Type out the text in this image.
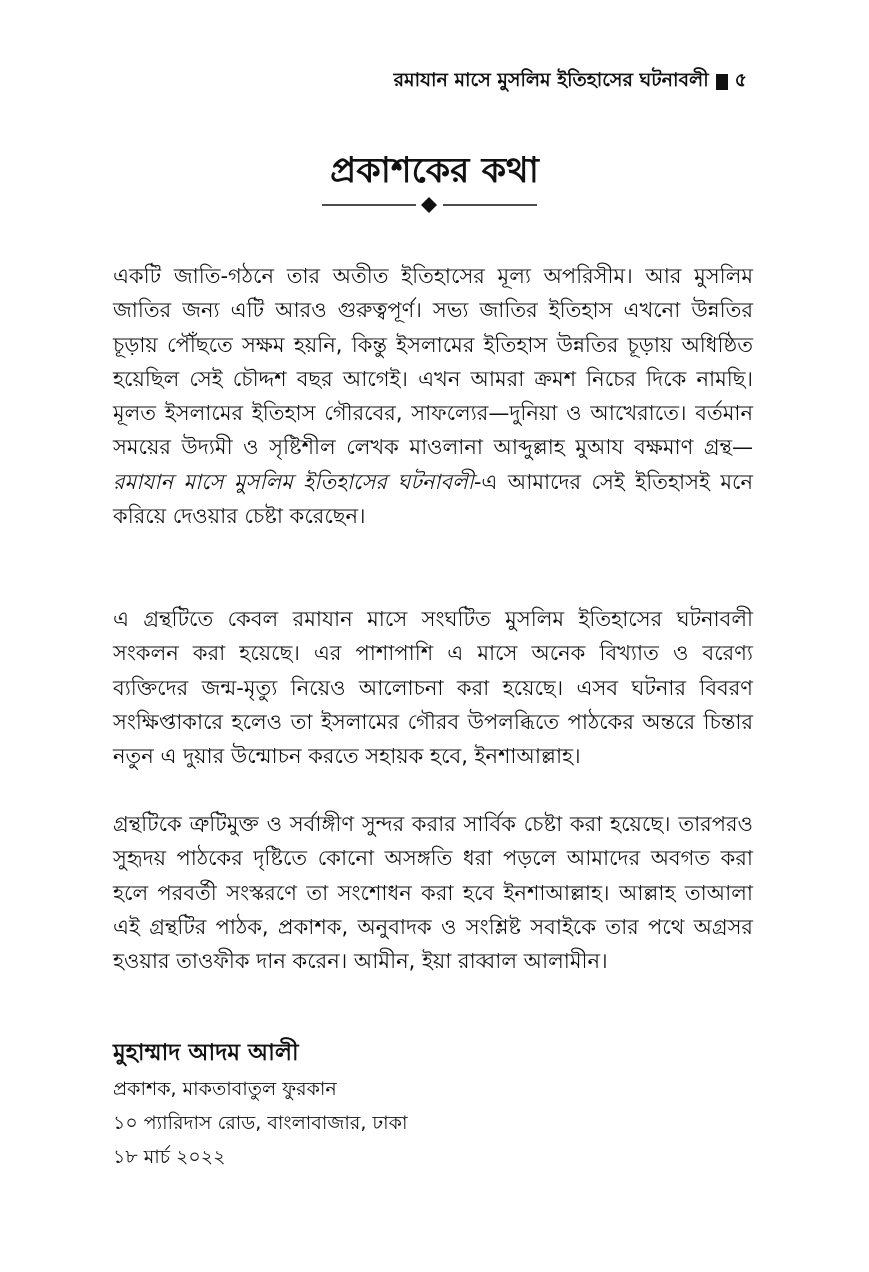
রমাযান মাসে মুসলিম ইতিহাসের ঘটনাবলী ৫
প্রকাশকের কথা

একটি জাতি-গঠনে তার অতীত ইতিহাসের মূল্য অপরিসীম। আর মুসলিম জাতির জন্য এটি আরও গুরুত্বপূর্ণ। সভ্য জাতির ইতিহাস এখনো উন্নতির চূড়ায় পৌঁছতে সক্ষম হয়নি, কিন্তু ইসলামের ইতিহাস উন্নতির চূড়ায় অধিষ্ঠিত হয়েছিল সেই চৌদ্দশ বছর আগেই। এখন আমরা ক্রমশ নিচের দিকে নামছি। মূলত ইসলামের ইতিহাস গৌরবের, সাফল্যের—দুনিয়া ও আখেরাতে। বর্তমান সময়ের উদ্যমী ও সৃষ্টিশীল লেখক মাওলানা আব্দুল্লাহ মুআয বক্ষমাণ গ্রন্থ—রমাযান মাসে মুসলিম ইতিহাসের ঘটনাবলী-এ আমাদের সেই ইতিহাসই মনে করিয়ে দেওয়ার চেষ্টা করেছেন।

এ গ্রন্থটিতে কেবল রমাযান মাসে সংঘটিত মুসলিম ইতিহাসের ঘটনাবলী সংকলন করা হয়েছে। এর পাশাপাশি এ মাসে অনেক বিখ্যাত ও বরেণ্য ব্যক্তিদের জন্ম-মৃত্যু নিয়েও আলোচনা করা হয়েছে। এসব ঘটনার বিবরণ সংক্ষিপ্তাকারে হলেও তা ইসলামের গৌরব উপলব্ধিতে পাঠকের অন্তরে চিন্তার নতুন এ দুয়ার উন্মোচন করতে সহায়ক হবে, ইনশাআল্লাহ।

গ্রন্থটিকে ত্রুটিমুক্ত ও সর্বাঙ্গীণ সুন্দর করার সার্বিক চেষ্টা করা হয়েছে। তারপরও সুহৃদয় পাঠকের দৃষ্টিতে কোনো অসঙ্গতি ধরা পড়লে আমাদের অবগত করা হলে পরবর্তী সংস্করণে তা সংশোধন করা হবে ইনশাআল্লাহ। আল্লাহ তাআলা এই গ্রন্থটির পাঠক, প্রকাশক, অনুবাদক ও সংশ্লিষ্ট সবাইকে তার পথে অগ্রসর হওয়ার তাওফীক দান করেন। আমীন, ইয়া রাব্বাল আলামীন।

মুহাম্মাদ আদম আলী

প্রকাশক, মাকতাবাতুল ফুরকান

১০ প্যারিদাস রোড, বাংলাবাজার, ঢাকা

১৮ মার্চ ২০২২
